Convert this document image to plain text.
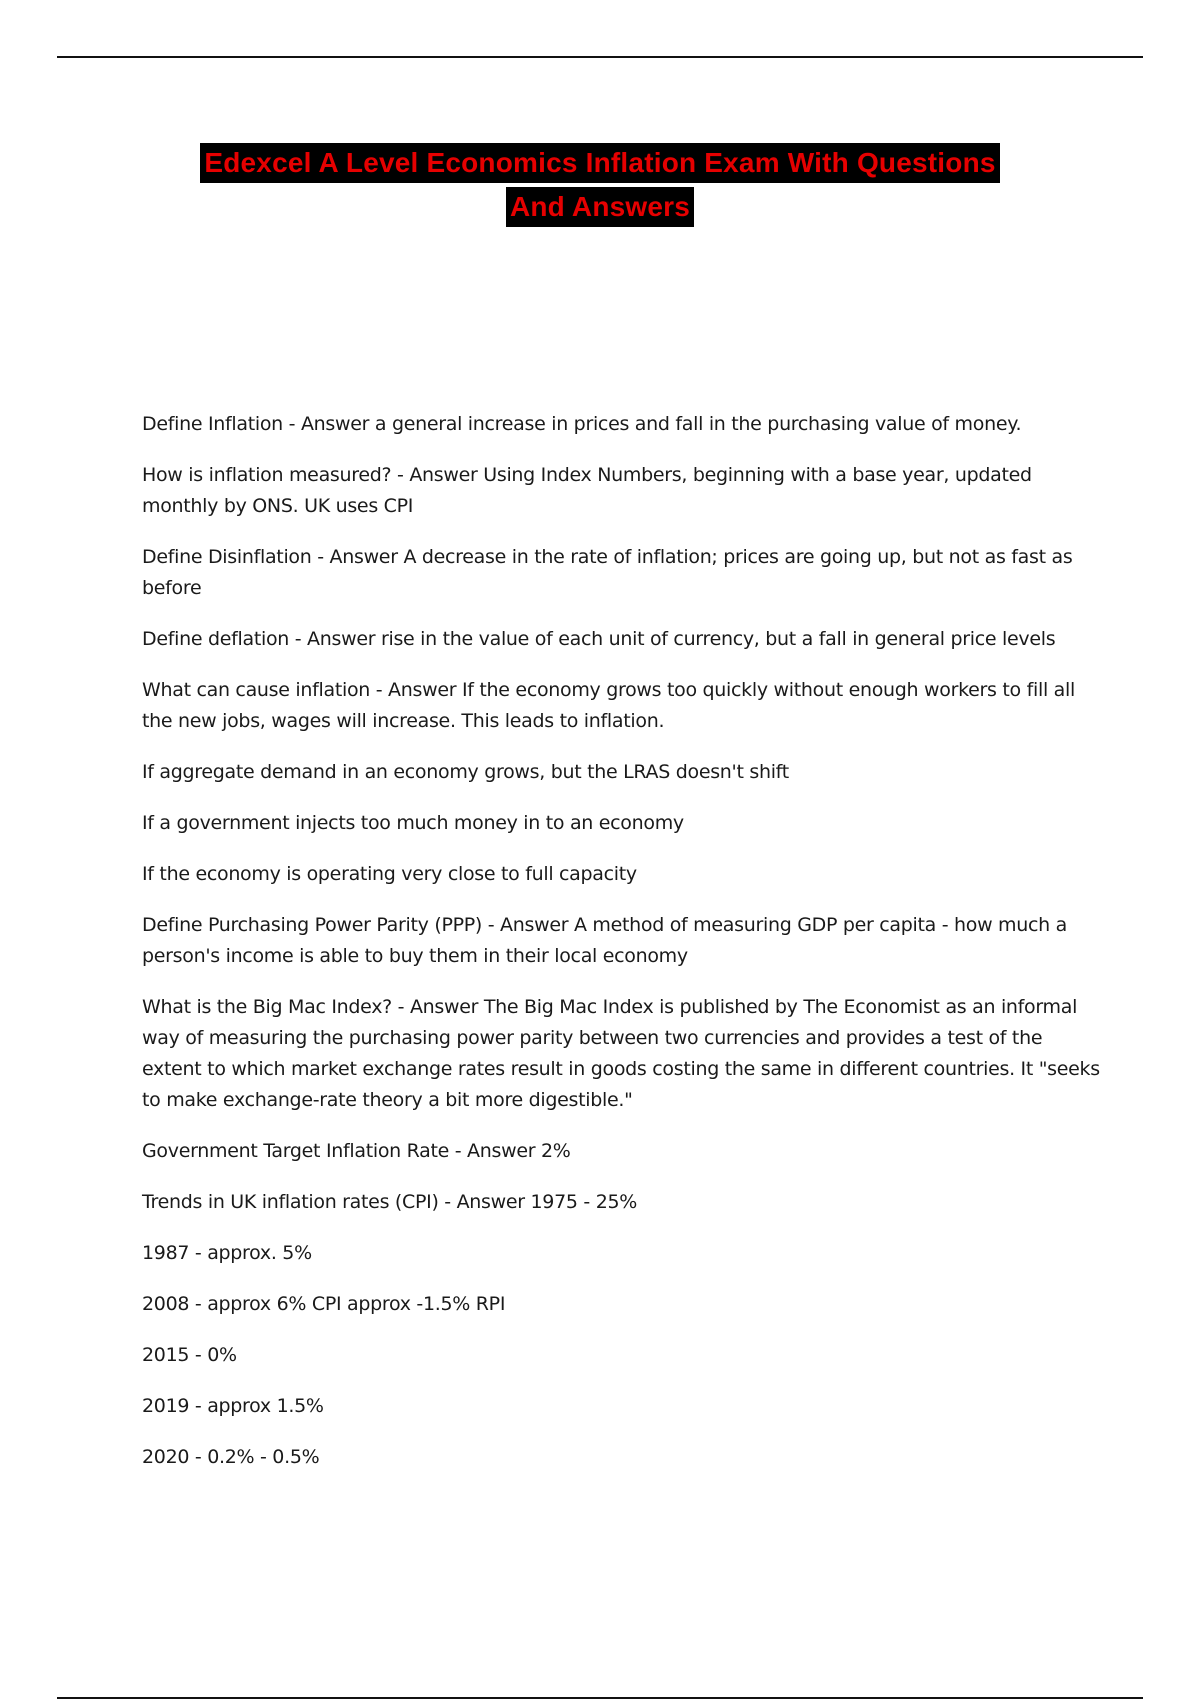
Edexcel A Level Economics Inflation Exam With Questions
And Answers

Define Inflation - Answer a general increase in prices and fall in the purchasing value of money.

How is inflation measured? - Answer Using Index Numbers, beginning with a base year, updated monthly by ONS. UK uses CPI

Define Disinflation - Answer A decrease in the rate of inflation; prices are going up, but not as fast as before

Define deflation - Answer rise in the value of each unit of currency, but a fall in general price levels

What can cause inflation - Answer If the economy grows too quickly without enough workers to fill all the new jobs, wages will increase. This leads to inflation.

If aggregate demand in an economy grows, but the LRAS doesn't shift

If a government injects too much money in to an economy

If the economy is operating very close to full capacity

Define Purchasing Power Parity (PPP) - Answer A method of measuring GDP per capita - how much a person's income is able to buy them in their local economy

What is the Big Mac Index? - Answer The Big Mac Index is published by The Economist as an informal way of measuring the purchasing power parity between two currencies and provides a test of the extent to which market exchange rates result in goods costing the same in different countries. It "seeks to make exchange-rate theory a bit more digestible."

Government Target Inflation Rate - Answer 2%

Trends in UK inflation rates (CPI) - Answer 1975 - 25%

1987 - approx. 5%

2008 - approx 6% CPI approx -1.5% RPI

2015 - 0%

2019 - approx 1.5%

2020 - 0.2% - 0.5%
